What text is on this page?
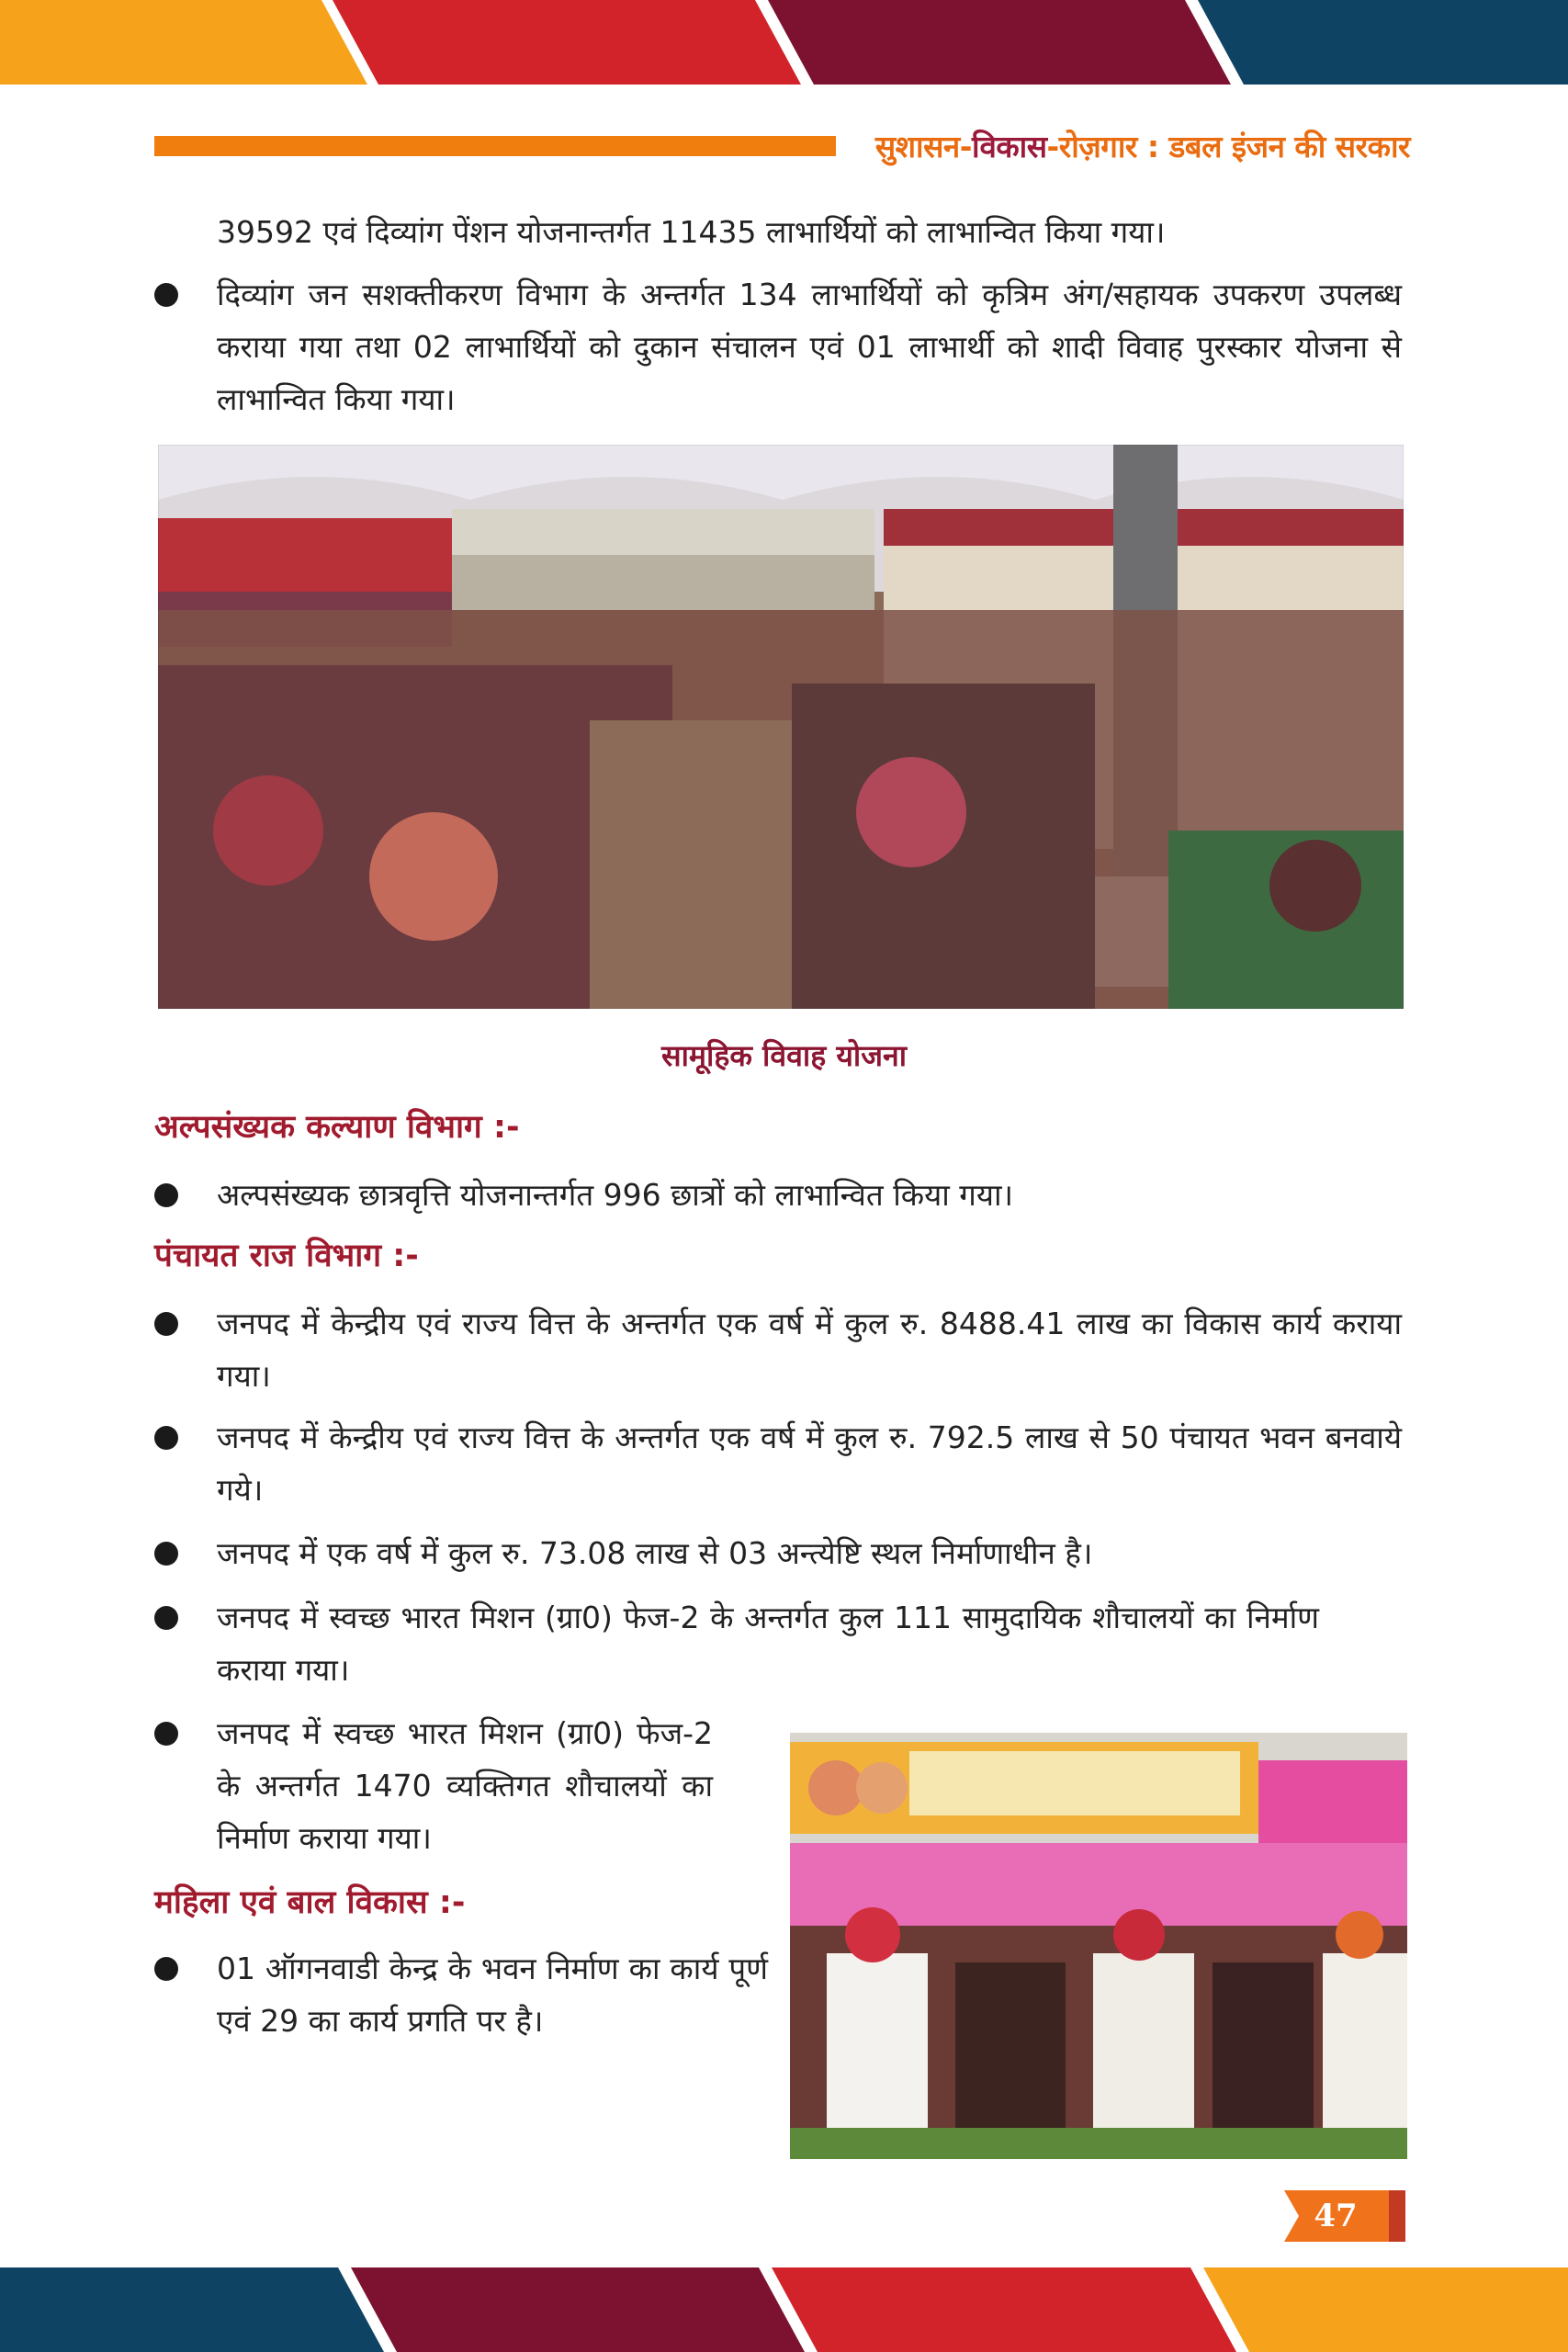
सुशासन-विकास-रोज़गार : डबल इंजन की सरकार

39592 एवं दिव्यांग पेंशन योजनान्तर्गत 11435 लाभार्थियों को लाभान्वित किया गया।

दिव्यांग जन सशक्तीकरण विभाग के अन्तर्गत 134 लाभार्थियों को कृत्रिम अंग/सहायक उपकरण उपलब्ध कराया गया तथा 02 लाभार्थियों को दुकान संचालन एवं 01 लाभार्थी को शादी विवाह पुरस्कार योजना से लाभान्वित किया गया।

सामूहिक विवाह योजना
अल्पसंख्यक कल्याण विभाग :-

अल्पसंख्यक छात्रवृत्ति योजनान्तर्गत 996 छात्रों को लाभान्वित किया गया।

पंचायत राज विभाग :-

जनपद में केन्द्रीय एवं राज्य वित्त के अन्तर्गत एक वर्ष में कुल रु. 8488.41 लाख का विकास कार्य कराया गया।

जनपद में केन्द्रीय एवं राज्य वित्त के अन्तर्गत एक वर्ष में कुल रु. 792.5 लाख से 50 पंचायत भवन बनवाये गये।

जनपद में एक वर्ष में कुल रु. 73.08 लाख से 03 अन्त्येष्टि स्थल निर्माणाधीन है।

जनपद में स्वच्छ भारत मिशन (ग्रा0) फेज-2 के अन्तर्गत कुल 111 सामुदायिक शौचालयों का निर्माण कराया गया।

जनपद में स्वच्छ भारत मिशन (ग्रा0) फेज-2 के अन्तर्गत 1470 व्यक्तिगत शौचालयों का निर्माण कराया गया।

महिला एवं बाल विकास :-

01 ऑगनवाडी केन्द्र के भवन निर्माण का कार्य पूर्ण एवं 29 का कार्य प्रगति पर है।

47
